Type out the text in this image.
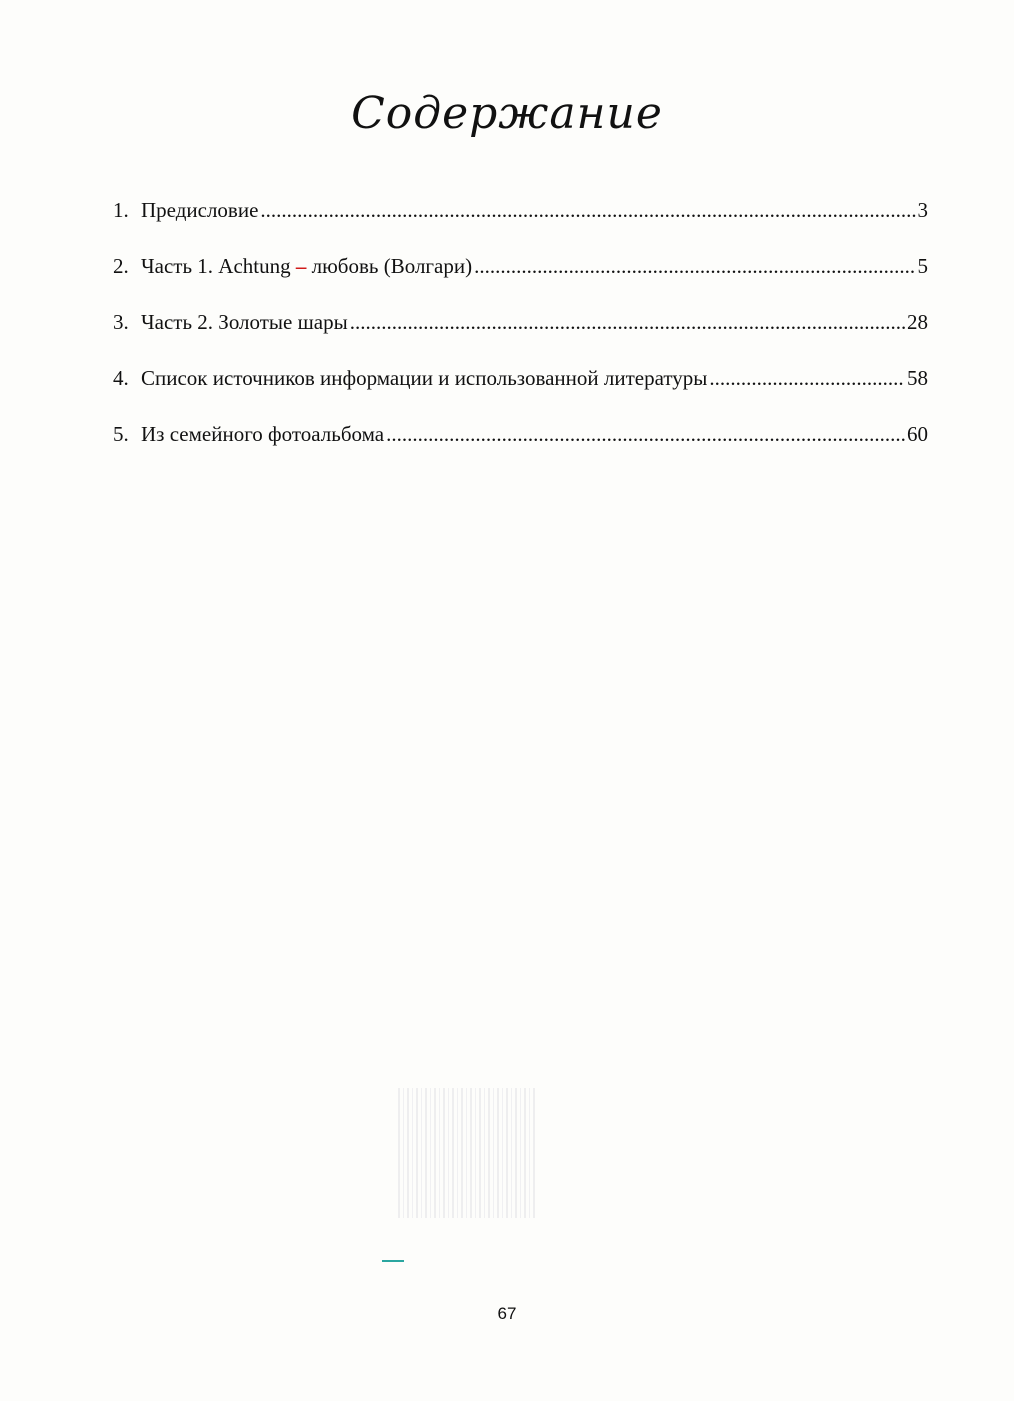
Содержание
1. Предисловие .....	3
2. Часть 1. Achtung – любовь (Волгари) .....	5
3. Часть 2. Золотые шары .....	28
4. Список источников информации и использованной литературы .....	58
5. Из семейного фотоальбома .....	60
67
